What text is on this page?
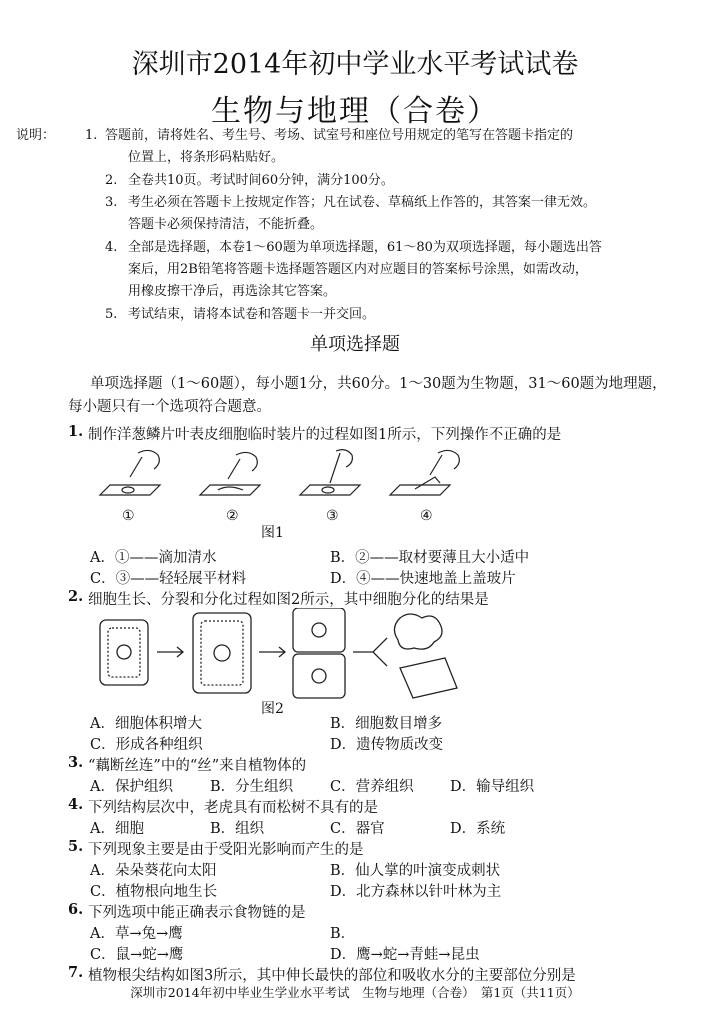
深圳市2014年初中学业水平考试试卷
生物与地理（合卷）
说明： 1. 答题前，请将姓名、考生号、考场、试室号和座位号用规定的笔写在答题卡指定的
位置上，将条形码粘贴好。
2. 全卷共10页。考试时间60分钟，满分100分。
3. 考生必须在答题卡上按规定作答；凡在试卷、草稿纸上作答的，其答案一律无效。
答题卡必须保持清洁，不能折叠。
4. 全部是选择题，本卷1～60题为单项选择题，61～80为双项选择题，每小题选出答
案后，用2B铅笔将答题卡选择题答题区内对应题目的答案标号涂黑，如需改动，
用橡皮擦干净后，再选涂其它答案。
5. 考试结束，请将本试卷和答题卡一并交回。
单项选择题
单项选择题（1～60题），每小题1分，共60分。1～30题为生物题，31～60题为地理题，
每小题只有一个选项符合题意。
1. 制作洋葱鳞片叶表皮细胞临时装片的过程如图1所示，下列操作不正确的是
①	②	③	④
图1
A．①——滴加清水	B．②——取材要薄且大小适中
C．③——轻轻展平材料	D．④——快速地盖上盖玻片
2. 细胞生长、分裂和分化过程如图2所示，其中细胞分化的结果是
图2
A．细胞体积增大	B．细胞数目增多
C．形成各种组织	D．遗传物质改变
3. “藕断丝连”中的“丝”来自植物体的
A．保护组织	B．分生组织	C．营养组织	D．输导组织
4. 下列结构层次中，老虎具有而松树不具有的是
A．细胞	B．组织	C．器官	D．系统
5. 下列现象主要是由于受阳光影响而产生的是
A．朵朵葵花向太阳	B．仙人掌的叶演变成刺状
C．植物根向地生长	D．北方森林以针叶林为主
6. 下列选项中能正确表示食物链的是
A．草→兔→鹰	B．
C．鼠→蛇→鹰	D．鹰→蛇→青蛙→昆虫
7. 植物根尖结构如图3所示，其中伸长最快的部位和吸收水分的主要部位分别是
深圳市2014年初中毕业生学业水平考试　生物与地理（合卷）　第1页（共11页）
